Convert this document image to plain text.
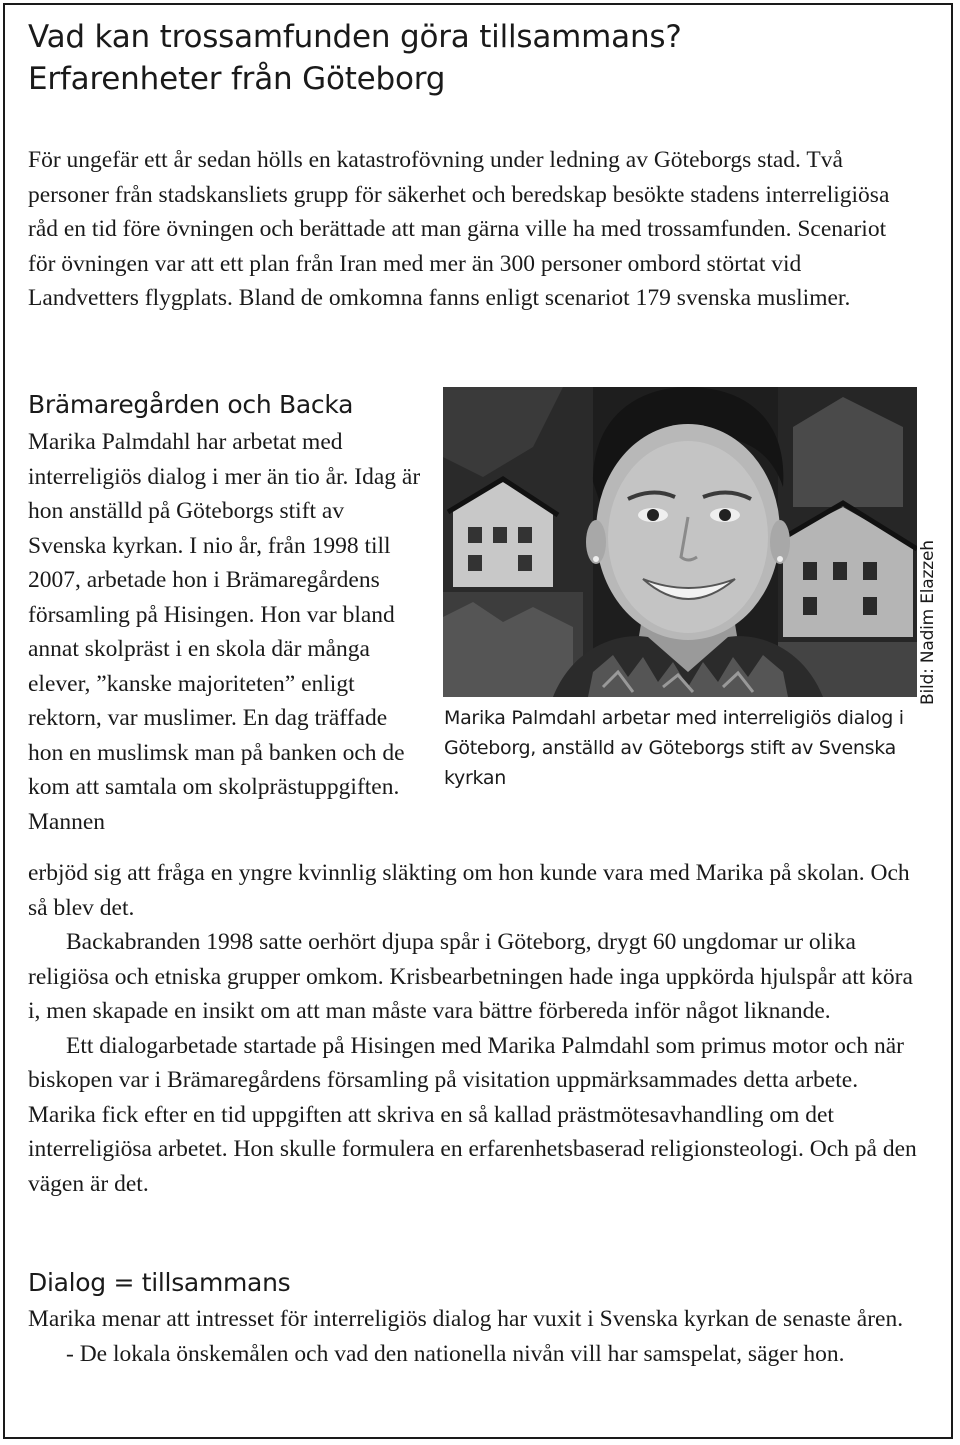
Vad kan trossamfunden göra tillsammans?
Erfarenheter från Göteborg

För ungefär ett år sedan hölls en katastrofövning under ledning av Göteborgs stad. Två personer från stadskansliets grupp för säkerhet och beredskap besökte stadens interreligiösa råd en tid före övningen och berättade att man gärna ville ha med trossamfunden. Scenariot för övningen var att ett plan från Iran med mer än 300 personer ombord störtat vid Landvetters flygplats. Bland de omkomna fanns enligt scenariot 179 svenska muslimer.

Brämaregården och Backa

Marika Palmdahl har arbetat med interreligiös dialog i mer än tio år. Idag är hon anställd på Göteborgs stift av Svenska kyrkan. I nio år, från 1998 till 2007, arbetade hon i Brämaregårdens församling på Hisingen. Hon var bland annat skolpräst i en skola där många elever, ”kanske majoriteten” enligt rektorn, var muslimer. En dag träffade hon en muslimsk man på banken och de kom att samtala om skolprästuppgiften. Mannen

Marika Palmdahl arbetar med interreligiös dialog i Göteborg, anställd av Göteborgs stift av Svenska kyrkan

Bild: Nadim Elazzeh

erbjöd sig att fråga en yngre kvinnlig släkting om hon kunde vara med Marika på skolan. Och så blev det.

Backabranden 1998 satte oerhört djupa spår i Göteborg, drygt 60 ungdomar ur olika religiösa och etniska grupper omkom. Krisbearbetningen hade inga uppkörda hjulspår att köra i, men skapade en insikt om att man måste vara bättre förbereda inför något liknande.

Ett dialogarbetade startade på Hisingen med Marika Palmdahl som primus motor och när biskopen var i Brämaregårdens församling på visitation uppmärksammades detta arbete. Marika fick efter en tid uppgiften att skriva en så kallad prästmötesavhandling om det interreligiösa arbetet. Hon skulle formulera en erfarenhetsbaserad religionsteologi. Och på den vägen är det.

Dialog = tillsammans

Marika menar att intresset för interreligiös dialog har vuxit i Svenska kyrkan de senaste åren.

- De lokala önskemålen och vad den nationella nivån vill har samspelat, säger hon.
